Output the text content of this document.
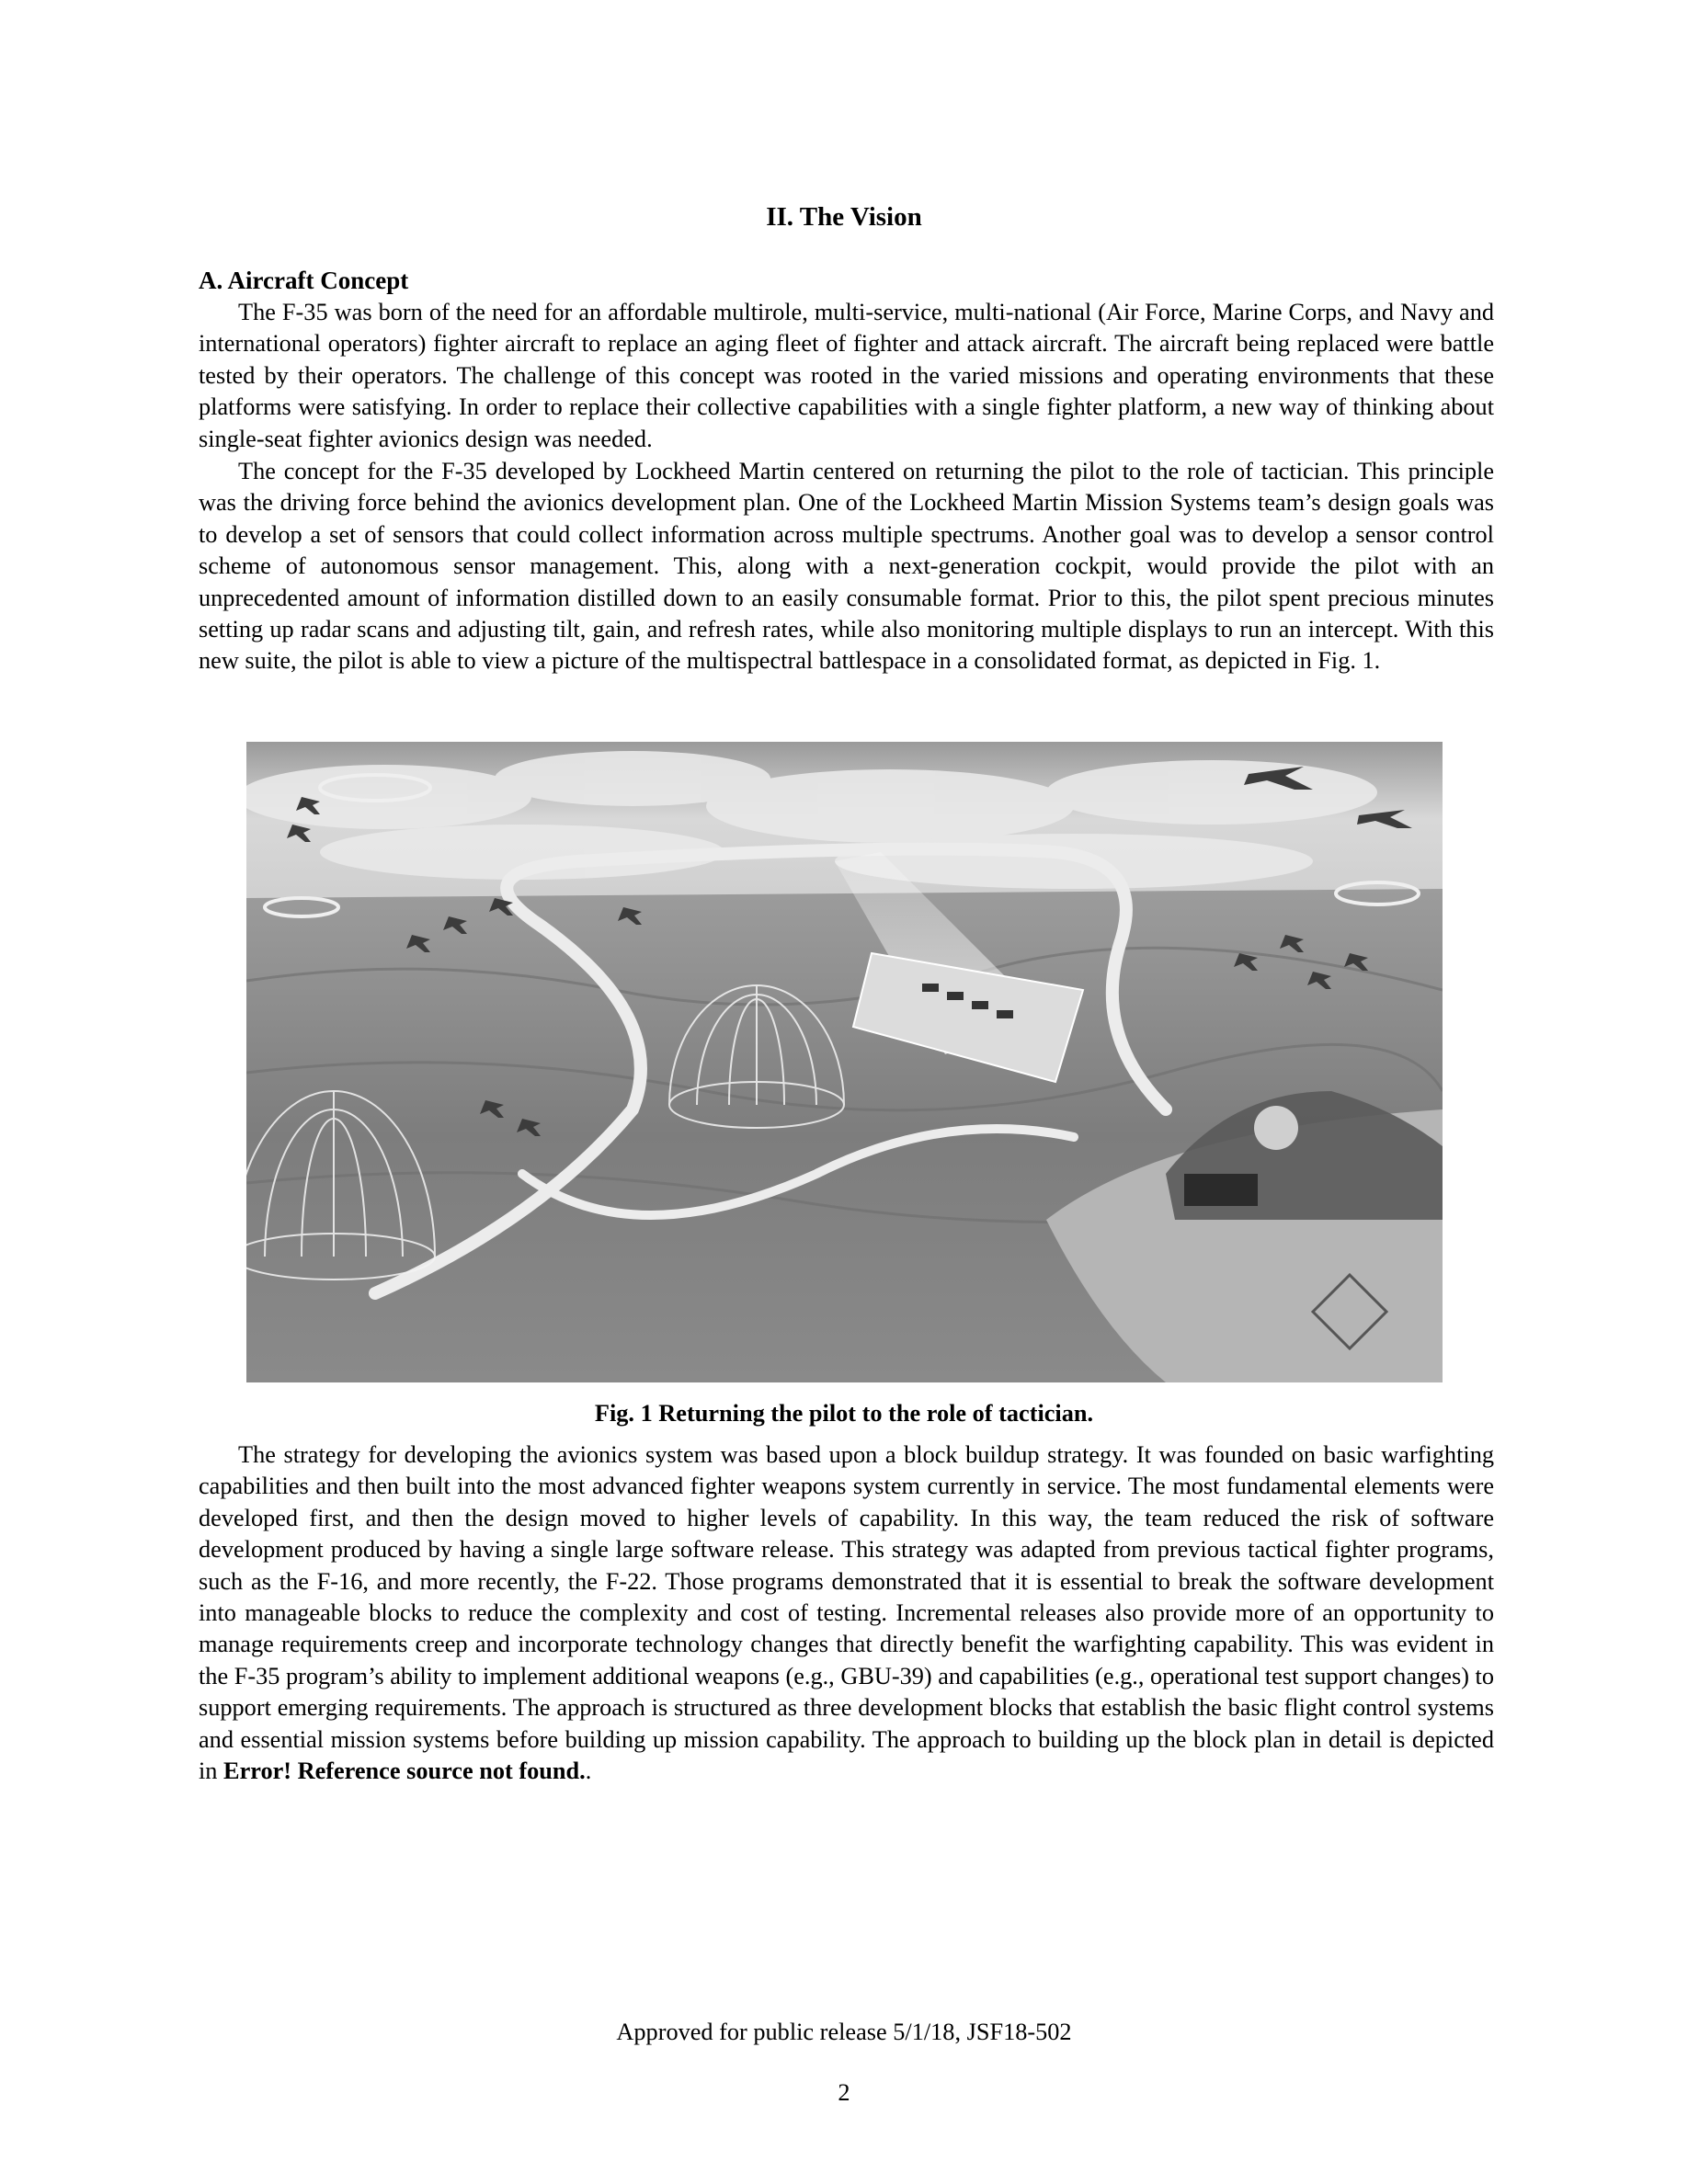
II. The Vision
A. Aircraft Concept

The F-35 was born of the need for an affordable multirole, multi-service, multi-national (Air Force, Marine Corps, and Navy and international operators) fighter aircraft to replace an aging fleet of fighter and attack aircraft. The aircraft being replaced were battle tested by their operators. The challenge of this concept was rooted in the varied missions and operating environments that these platforms were satisfying. In order to replace their collective capabilities with a single fighter platform, a new way of thinking about single-seat fighter avionics design was needed.

The concept for the F-35 developed by Lockheed Martin centered on returning the pilot to the role of tactician. This principle was the driving force behind the avionics development plan. One of the Lockheed Martin Mission Systems team’s design goals was to develop a set of sensors that could collect information across multiple spectrums. Another goal was to develop a sensor control scheme of autonomous sensor management. This, along with a next-generation cockpit, would provide the pilot with an unprecedented amount of information distilled down to an easily consumable format. Prior to this, the pilot spent precious minutes setting up radar scans and adjusting tilt, gain, and refresh rates, while also monitoring multiple displays to run an intercept. With this new suite, the pilot is able to view a picture of the multispectral battlespace in a consolidated format, as depicted in Fig. 1.

Fig. 1 Returning the pilot to the role of tactician.

The strategy for developing the avionics system was based upon a block buildup strategy. It was founded on basic warfighting capabilities and then built into the most advanced fighter weapons system currently in service. The most fundamental elements were developed first, and then the design moved to higher levels of capability. In this way, the team reduced the risk of software development produced by having a single large software release. This strategy was adapted from previous tactical fighter programs, such as the F-16, and more recently, the F-22. Those programs demonstrated that it is essential to break the software development into manageable blocks to reduce the complexity and cost of testing. Incremental releases also provide more of an opportunity to manage requirements creep and incorporate technology changes that directly benefit the warfighting capability. This was evident in the F-35 program’s ability to implement additional weapons (e.g., GBU-39) and capabilities (e.g., operational test support changes) to support emerging requirements. The approach is structured as three development blocks that establish the basic flight control systems and essential mission systems before building up mission capability. The approach to building up the block plan in detail is depicted in Error! Reference source not found..

Approved for public release 5/1/18, JSF18-502
2
